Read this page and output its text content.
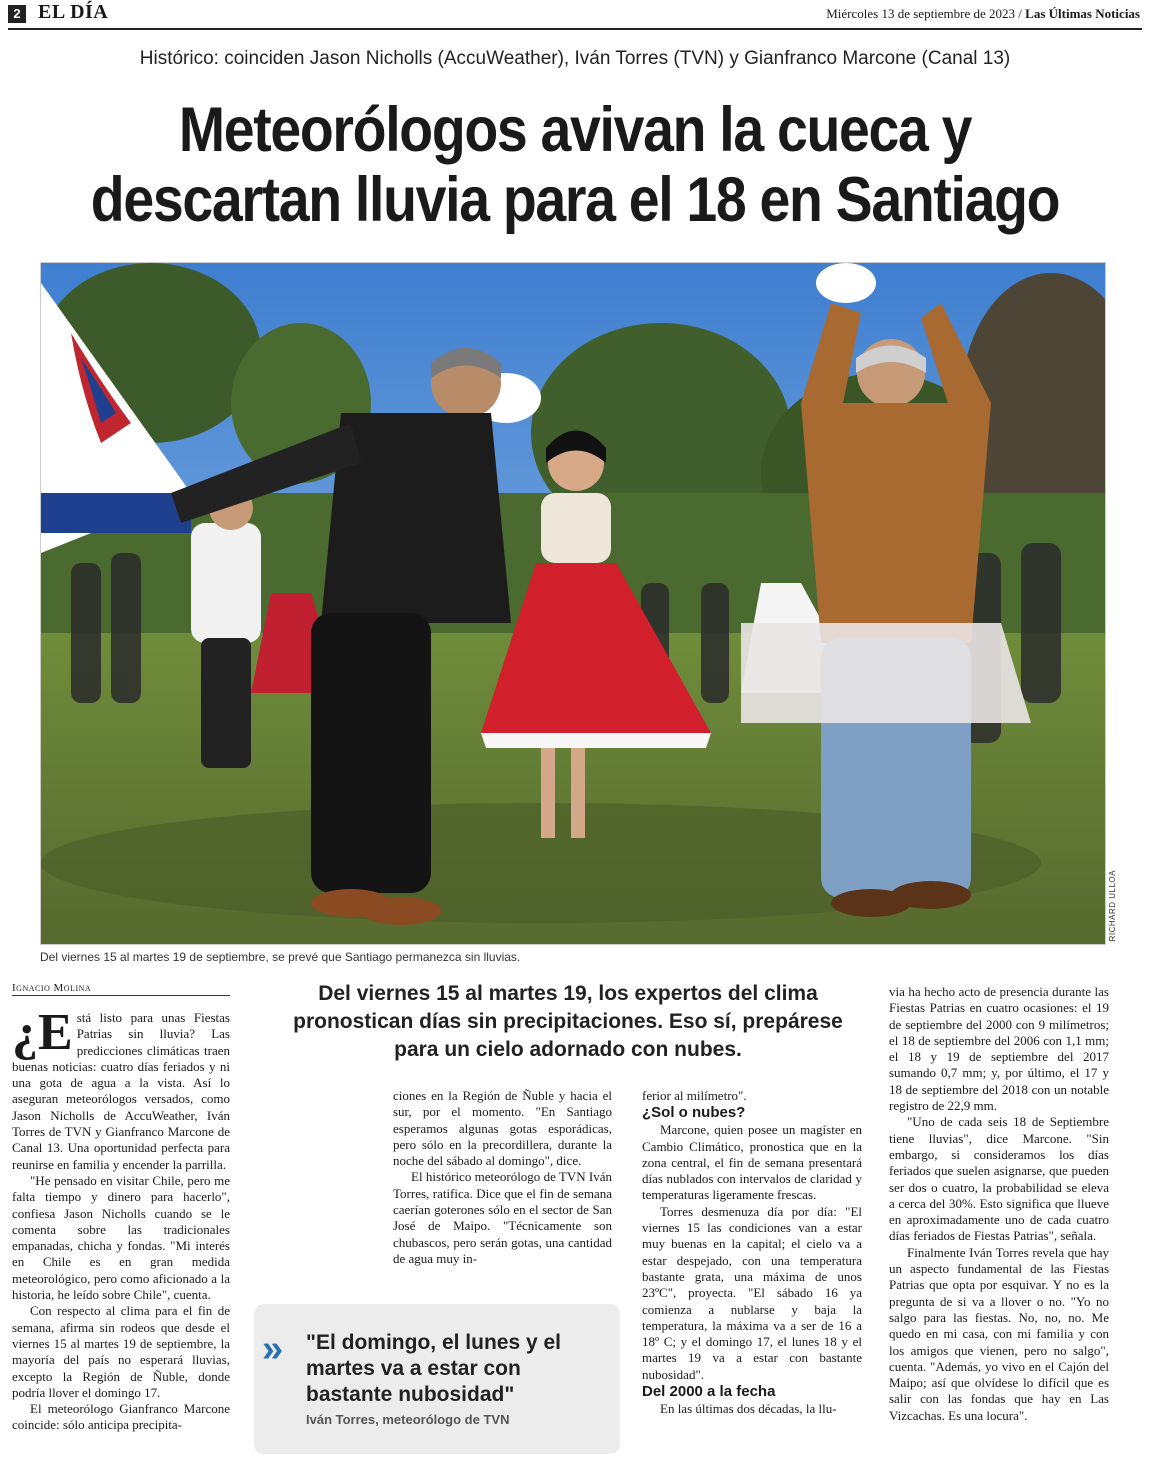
2 EL DÍA	Miércoles 13 de septiembre de 2023 / Las Últimas Noticias
Histórico: coinciden Jason Nicholls (AccuWeather), Iván Torres (TVN) y Gianfranco Marcone (Canal 13)
Meteorólogos avivan la cueca y
descartan lluvia para el 18 en Santiago
RICHARD ULLOA
Del viernes 15 al martes 19 de septiembre, se prevé que Santiago permanezca sin lluvias.
Ignacio Molina	Del viernes 15 al martes 19, los expertos del clima pronostican días sin precipitaciones. Eso sí, prepárese para un cielo adornado con nubes.

¿E stá listo para unas Fiestas Patrias sin lluvia? Las predicciones climáticas traen buenas noticias: cuatro días feriados y ni una gota de agua a la vista. Así lo aseguran meteorólogos versados, como Jason Nicholls de AccuWeather, Iván Torres de TVN y Gianfranco Marcone de Canal 13. Una oportunidad perfecta para reunirse en familia y encender la parrilla.

"He pensado en visitar Chile, pero me falta tiempo y dinero para hacerlo", confiesa Jason Nicholls cuando se le comenta sobre las tradicionales empanadas, chicha y fondas. "Mi interés en Chile es en gran medida meteorológico, pero como aficionado a la historia, he leído sobre Chile", cuenta.

Con respecto al clima para el fin de semana, afirma sin rodeos que desde el viernes 15 al martes 19 de septiembre, la mayoría del país no esperará lluvias, excepto la Región de Ñuble, donde podría llover el domingo 17.

El meteorólogo Gianfranco Marcone coincide: sólo anticipa precipita-

ciones en la Región de Ñuble y hacia el sur, por el momento. "En Santiago esperamos algunas gotas esporádicas, pero sólo en la precordillera, durante la noche del sábado al domingo", dice.

El histórico meteorólogo de TVN Iván Torres, ratifica. Dice que el fin de semana caerían goterones sólo en el sector de San José de Maipo. "Técnicamente son chubascos, pero serán gotas, una cantidad de agua muy in-

ferior al milímetro".

¿Sol o nubes?

Marcone, quien posee un magíster en Cambio Climático, pronostica que en la zona central, el fin de semana presentará días nublados con intervalos de claridad y temperaturas ligeramente frescas.

Torres desmenuza día por día: "El viernes 15 las condiciones van a estar muy buenas en la capital; el cielo va a estar despejado, con una temperatura bastante grata, una máxima de unos 23ºC", proyecta. "El sábado 16 ya comienza a nublarse y baja la temperatura, la máxima va a ser de 16 a 18º C; y el domingo 17, el lunes 18 y el martes 19 va a estar con bastante nubosidad".

Del 2000 a la fecha

En las últimas dos décadas, la llu-

via ha hecho acto de presencia durante las Fiestas Patrias en cuatro ocasiones: el 19 de septiembre del 2000 con 9 milímetros; el 18 de septiembre del 2006 con 1,1 mm; el 18 y 19 de septiembre del 2017 sumando 0,7 mm; y, por último, el 17 y 18 de septiembre del 2018 con un notable registro de 22,9 mm.

"Uno de cada seis 18 de Septiembre tiene lluvias", dice Marcone. "Sin embargo, si consideramos los días feriados que suelen asignarse, que pueden ser dos o cuatro, la probabilidad se eleva a cerca del 30%. Esto significa que llueve en aproximadamente uno de cada cuatro días feriados de Fiestas Patrias", señala.

Finalmente Iván Torres revela que hay un aspecto fundamental de las Fiestas Patrias que opta por esquivar. Y no es la pregunta de si va a llover o no. "Yo no salgo para las fiestas. No, no, no. Me quedo en mi casa, con mi familia y con los amigos que vienen, pero no salgo", cuenta. "Además, yo vivo en el Cajón del Maipo; así que olvídese lo difícil que es salir con las fondas que hay en Las Vizcachas. Es una locura".

» "El domingo, el lunes y el martes va a estar con bastante nubosidad"
Iván Torres, meteorólogo de TVN
